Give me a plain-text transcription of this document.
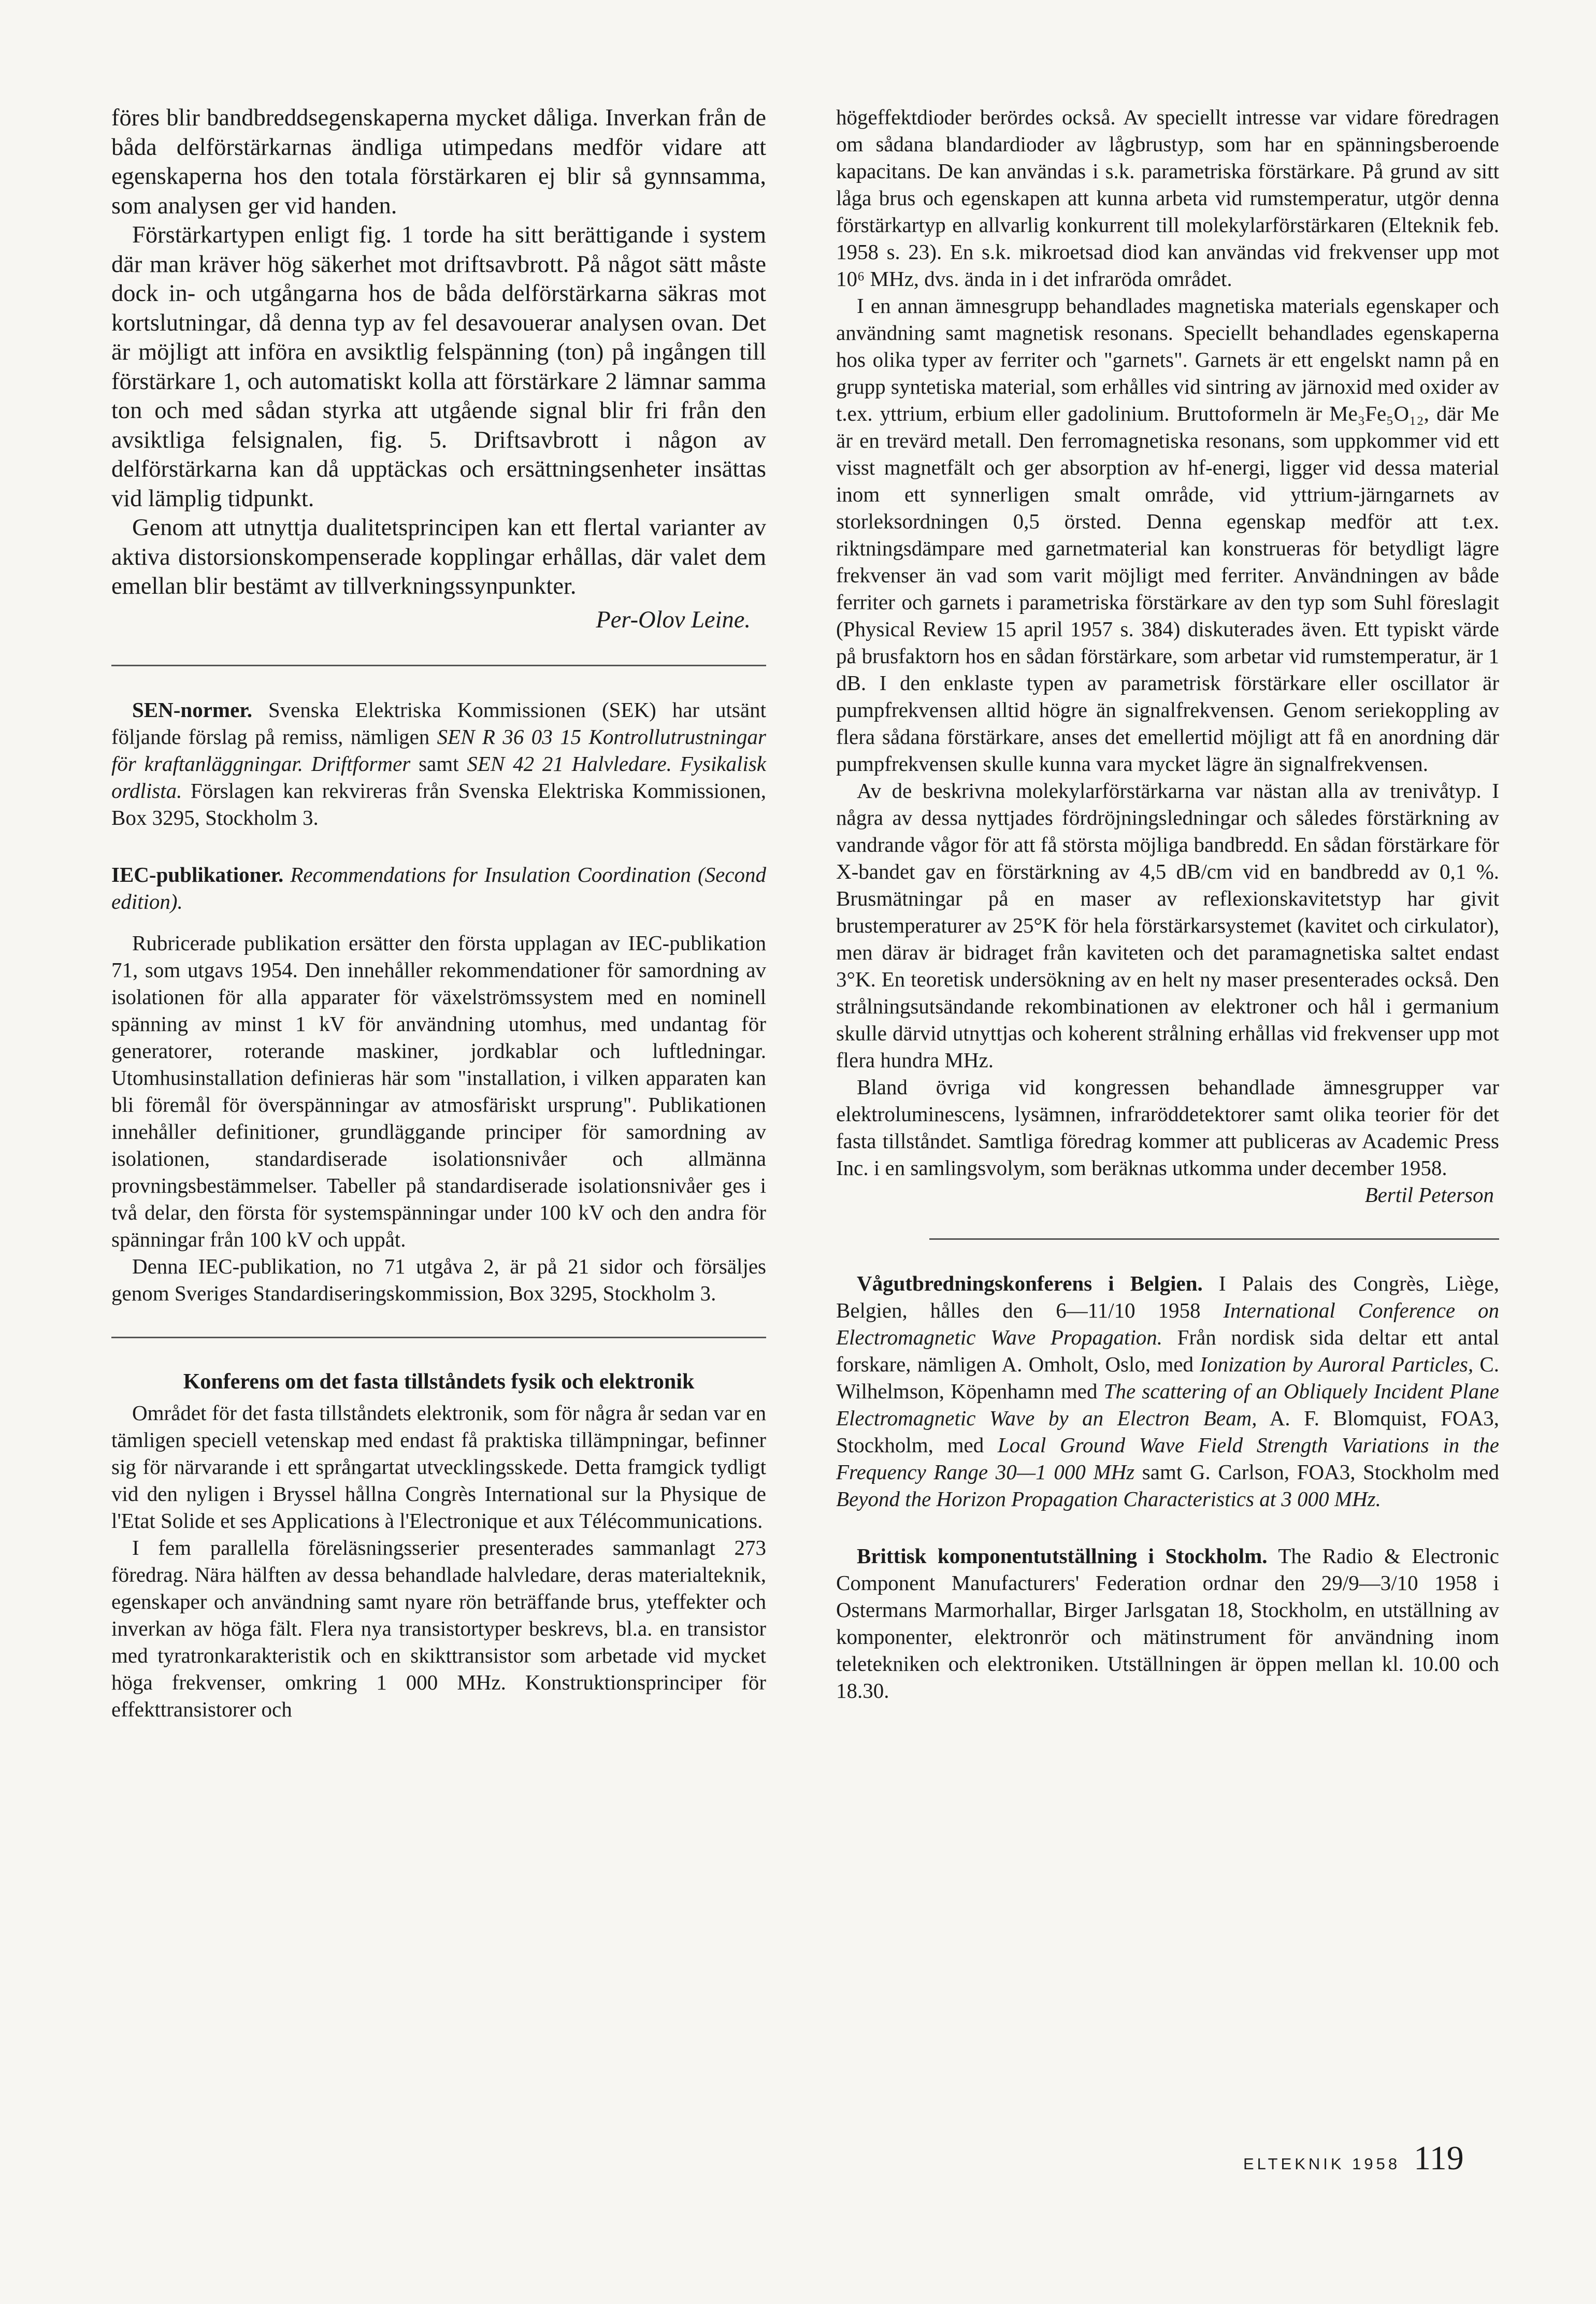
föres blir bandbreddsegenskaperna mycket dåliga. Inverkan från de båda delförstärkarnas ändliga utimpedans medför vidare att egenskaperna hos den totala förstärkaren ej blir så gynnsamma, som analysen ger vid handen.

Förstärkartypen enligt fig. 1 torde ha sitt berättigande i system där man kräver hög säkerhet mot driftsavbrott. På något sätt måste dock in- och utgångarna hos de båda delförstärkarna säkras mot kortslutningar, då denna typ av fel desavouerar analysen ovan. Det är möjligt att införa en avsiktlig felspänning (ton) på ingången till förstärkare 1, och automatiskt kolla att förstärkare 2 lämnar samma ton och med sådan styrka att utgående signal blir fri från den avsiktliga felsignalen, fig. 5. Driftsavbrott i någon av delförstärkarna kan då upptäckas och ersättningsenheter insättas vid lämplig tidpunkt.

Genom att utnyttja dualitetsprincipen kan ett flertal varianter av aktiva distorsionskompenserade kopplingar erhållas, där valet dem emellan blir bestämt av tillverkningssynpunkter.

Per-Olov Leine.

SEN-normer. Svenska Elektriska Kommissionen (SEK) har utsänt följande förslag på remiss, nämligen SEN R 36 03 15 Kontrollutrustningar för kraftanläggningar. Driftformer samt SEN 42 21 Halvledare. Fysikalisk ordlista. Förslagen kan rekvireras från Svenska Elektriska Kommissionen, Box 3295, Stockholm 3.

IEC-publikationer. Recommendations for Insulation Coordination (Second edition).

Rubricerade publikation ersätter den första upplagan av IEC-publikation 71, som utgavs 1954. Den innehåller rekommendationer för samordning av isolationen för alla apparater för växelströmssystem med en nominell spänning av minst 1 kV för användning utomhus, med undantag för generatorer, roterande maskiner, jordkablar och luftledningar. Utomhusinstallation definieras här som "installation, i vilken apparaten kan bli föremål för överspänningar av atmosfäriskt ursprung". Publikationen innehåller definitioner, grundläggande principer för samordning av isolationen, standardiserade isolationsnivåer och allmänna provningsbestämmelser. Tabeller på standardiserade isolationsnivåer ges i två delar, den första för systemspänningar under 100 kV och den andra för spänningar från 100 kV och uppåt.

Denna IEC-publikation, no 71 utgåva 2, är på 21 sidor och försäljes genom Sveriges Standardiseringskommission, Box 3295, Stockholm 3.

Konferens om det fasta tillståndets fysik och elektronik

Området för det fasta tillståndets elektronik, som för några år sedan var en tämligen speciell vetenskap med endast få praktiska tillämpningar, befinner sig för närvarande i ett språngartat utvecklingsskede. Detta framgick tydligt vid den nyligen i Bryssel hållna Congrès International sur la Physique de l'Etat Solide et ses Applications à l'Electronique et aux Télécommunications.

I fem parallella föreläsningsserier presenterades sammanlagt 273 föredrag. Nära hälften av dessa behandlade halvledare, deras materialteknik, egenskaper och användning samt nyare rön beträffande brus, yteffekter och inverkan av höga fält. Flera nya transistortyper beskrevs, bl.a. en transistor med tyratronkarakteristik och en skikttransistor som arbetade vid mycket höga frekvenser, omkring 1 000 MHz. Konstruktionsprinciper för effekttransistorer och

högeffektdioder berördes också. Av speciellt intresse var vidare föredragen om sådana blandardioder av lågbrustyp, som har en spänningsberoende kapacitans. De kan användas i s.k. parametriska förstärkare. På grund av sitt låga brus och egenskapen att kunna arbeta vid rumstemperatur, utgör denna förstärkartyp en allvarlig konkurrent till molekylarförstärkaren (Elteknik feb. 1958 s. 23). En s.k. mikroetsad diod kan användas vid frekvenser upp mot 10⁶ MHz, dvs. ända in i det infraröda området.

I en annan ämnesgrupp behandlades magnetiska materials egenskaper och användning samt magnetisk resonans. Speciellt behandlades egenskaperna hos olika typer av ferriter och "garnets". Garnets är ett engelskt namn på en grupp syntetiska material, som erhålles vid sintring av järnoxid med oxider av t.ex. yttrium, erbium eller gadolinium. Bruttoformeln är Me₃Fe₅O₁₂, där Me är en trevärd metall. Den ferromagnetiska resonans, som uppkommer vid ett visst magnetfält och ger absorption av hf-energi, ligger vid dessa material inom ett synnerligen smalt område, vid yttrium-järngarnets av storleksordningen 0,5 örsted. Denna egenskap medför att t.ex. riktningsdämpare med garnetmaterial kan konstrueras för betydligt lägre frekvenser än vad som varit möjligt med ferriter. Användningen av både ferriter och garnets i parametriska förstärkare av den typ som Suhl föreslagit (Physical Review 15 april 1957 s. 384) diskuterades även. Ett typiskt värde på brusfaktorn hos en sådan förstärkare, som arbetar vid rumstemperatur, är 1 dB. I den enklaste typen av parametrisk förstärkare eller oscillator är pumpfrekvensen alltid högre än signalfrekvensen. Genom seriekoppling av flera sådana förstärkare, anses det emellertid möjligt att få en anordning där pumpfrekvensen skulle kunna vara mycket lägre än signalfrekvensen.

Av de beskrivna molekylarförstärkarna var nästan alla av trenivåtyp. I några av dessa nyttjades fördröjningsledningar och således förstärkning av vandrande vågor för att få största möjliga bandbredd. En sådan förstärkare för X-bandet gav en förstärkning av 4,5 dB/cm vid en bandbredd av 0,1 %. Brusmätningar på en maser av reflexionskavitetstyp har givit brustemperaturer av 25°K för hela förstärkarsystemet (kavitet och cirkulator), men därav är bidraget från kaviteten och det paramagnetiska saltet endast 3°K. En teoretisk undersökning av en helt ny maser presenterades också. Den strålningsutsändande rekombinationen av elektroner och hål i germanium skulle därvid utnyttjas och koherent strålning erhållas vid frekvenser upp mot flera hundra MHz.

Bland övriga vid kongressen behandlade ämnesgrupper var elektroluminescens, lysämnen, infraröddetektorer samt olika teorier för det fasta tillståndet. Samtliga föredrag kommer att publiceras av Academic Press Inc. i en samlingsvolym, som beräknas utkomma under december 1958.

Bertil Peterson

Vågutbredningskonferens i Belgien. I Palais des Congrès, Liège, Belgien, hålles den 6—11/10 1958 International Conference on Electromagnetic Wave Propagation. Från nordisk sida deltar ett antal forskare, nämligen A. Omholt, Oslo, med Ionization by Auroral Particles, C. Wilhelmson, Köpenhamn med The scattering of an Obliquely Incident Plane Electromagnetic Wave by an Electron Beam, A. F. Blomquist, FOA3, Stockholm, med Local Ground Wave Field Strength Variations in the Frequency Range 30—1 000 MHz samt G. Carlson, FOA3, Stockholm med Beyond the Horizon Propagation Characteristics at 3 000 MHz.

Brittisk komponentutställning i Stockholm. The Radio & Electronic Component Manufacturers' Federation ordnar den 29/9—3/10 1958 i Ostermans Marmorhallar, Birger Jarlsgatan 18, Stockholm, en utställning av komponenter, elektronrör och mätinstrument för användning inom teletekniken och elektroniken. Utställningen är öppen mellan kl. 10.00 och 18.30.

ELTEKNIK 1958 119
